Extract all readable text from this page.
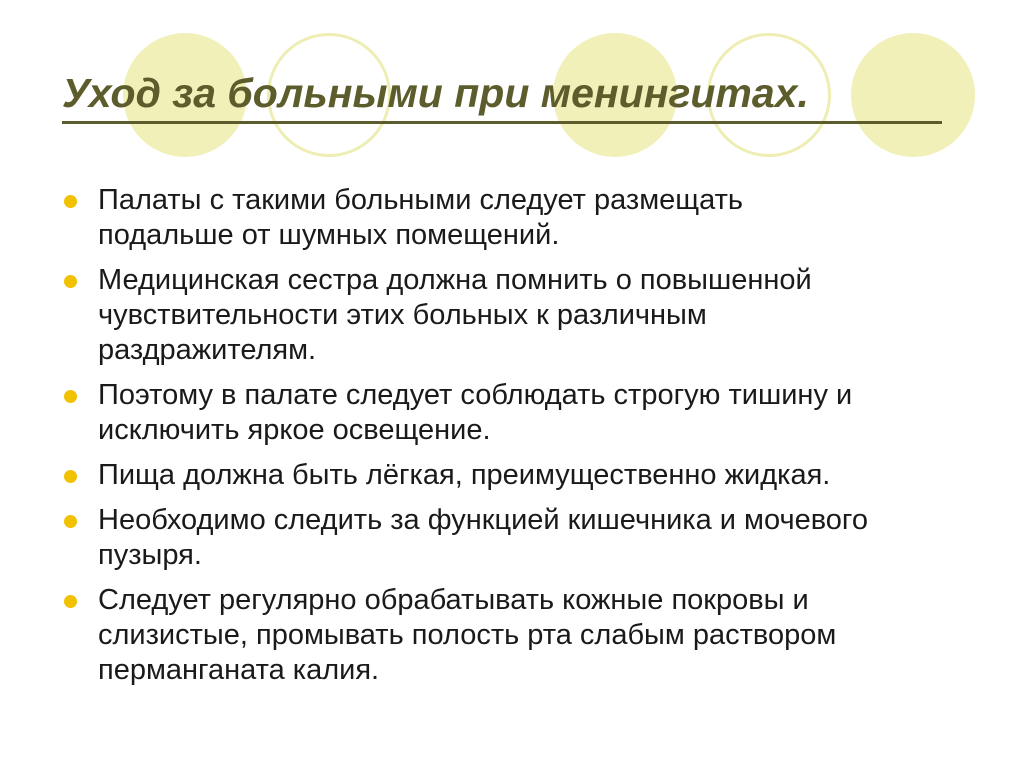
Уход за больными при менингитах.
Палаты с такими больными следует размещать
подальше от шумных помещений.
Медицинская сестра должна помнить о повышенной
чувствительности этих больных к различным
раздражителям.
Поэтому в палате следует соблюдать строгую тишину и
исключить яркое освещение.
Пища должна быть лёгкая, преимущественно жидкая.
Необходимо следить за функцией кишечника и мочевого
пузыря.
Следует регулярно обрабатывать кожные покровы и
слизистые, промывать полость рта слабым раствором
перманганата калия.
